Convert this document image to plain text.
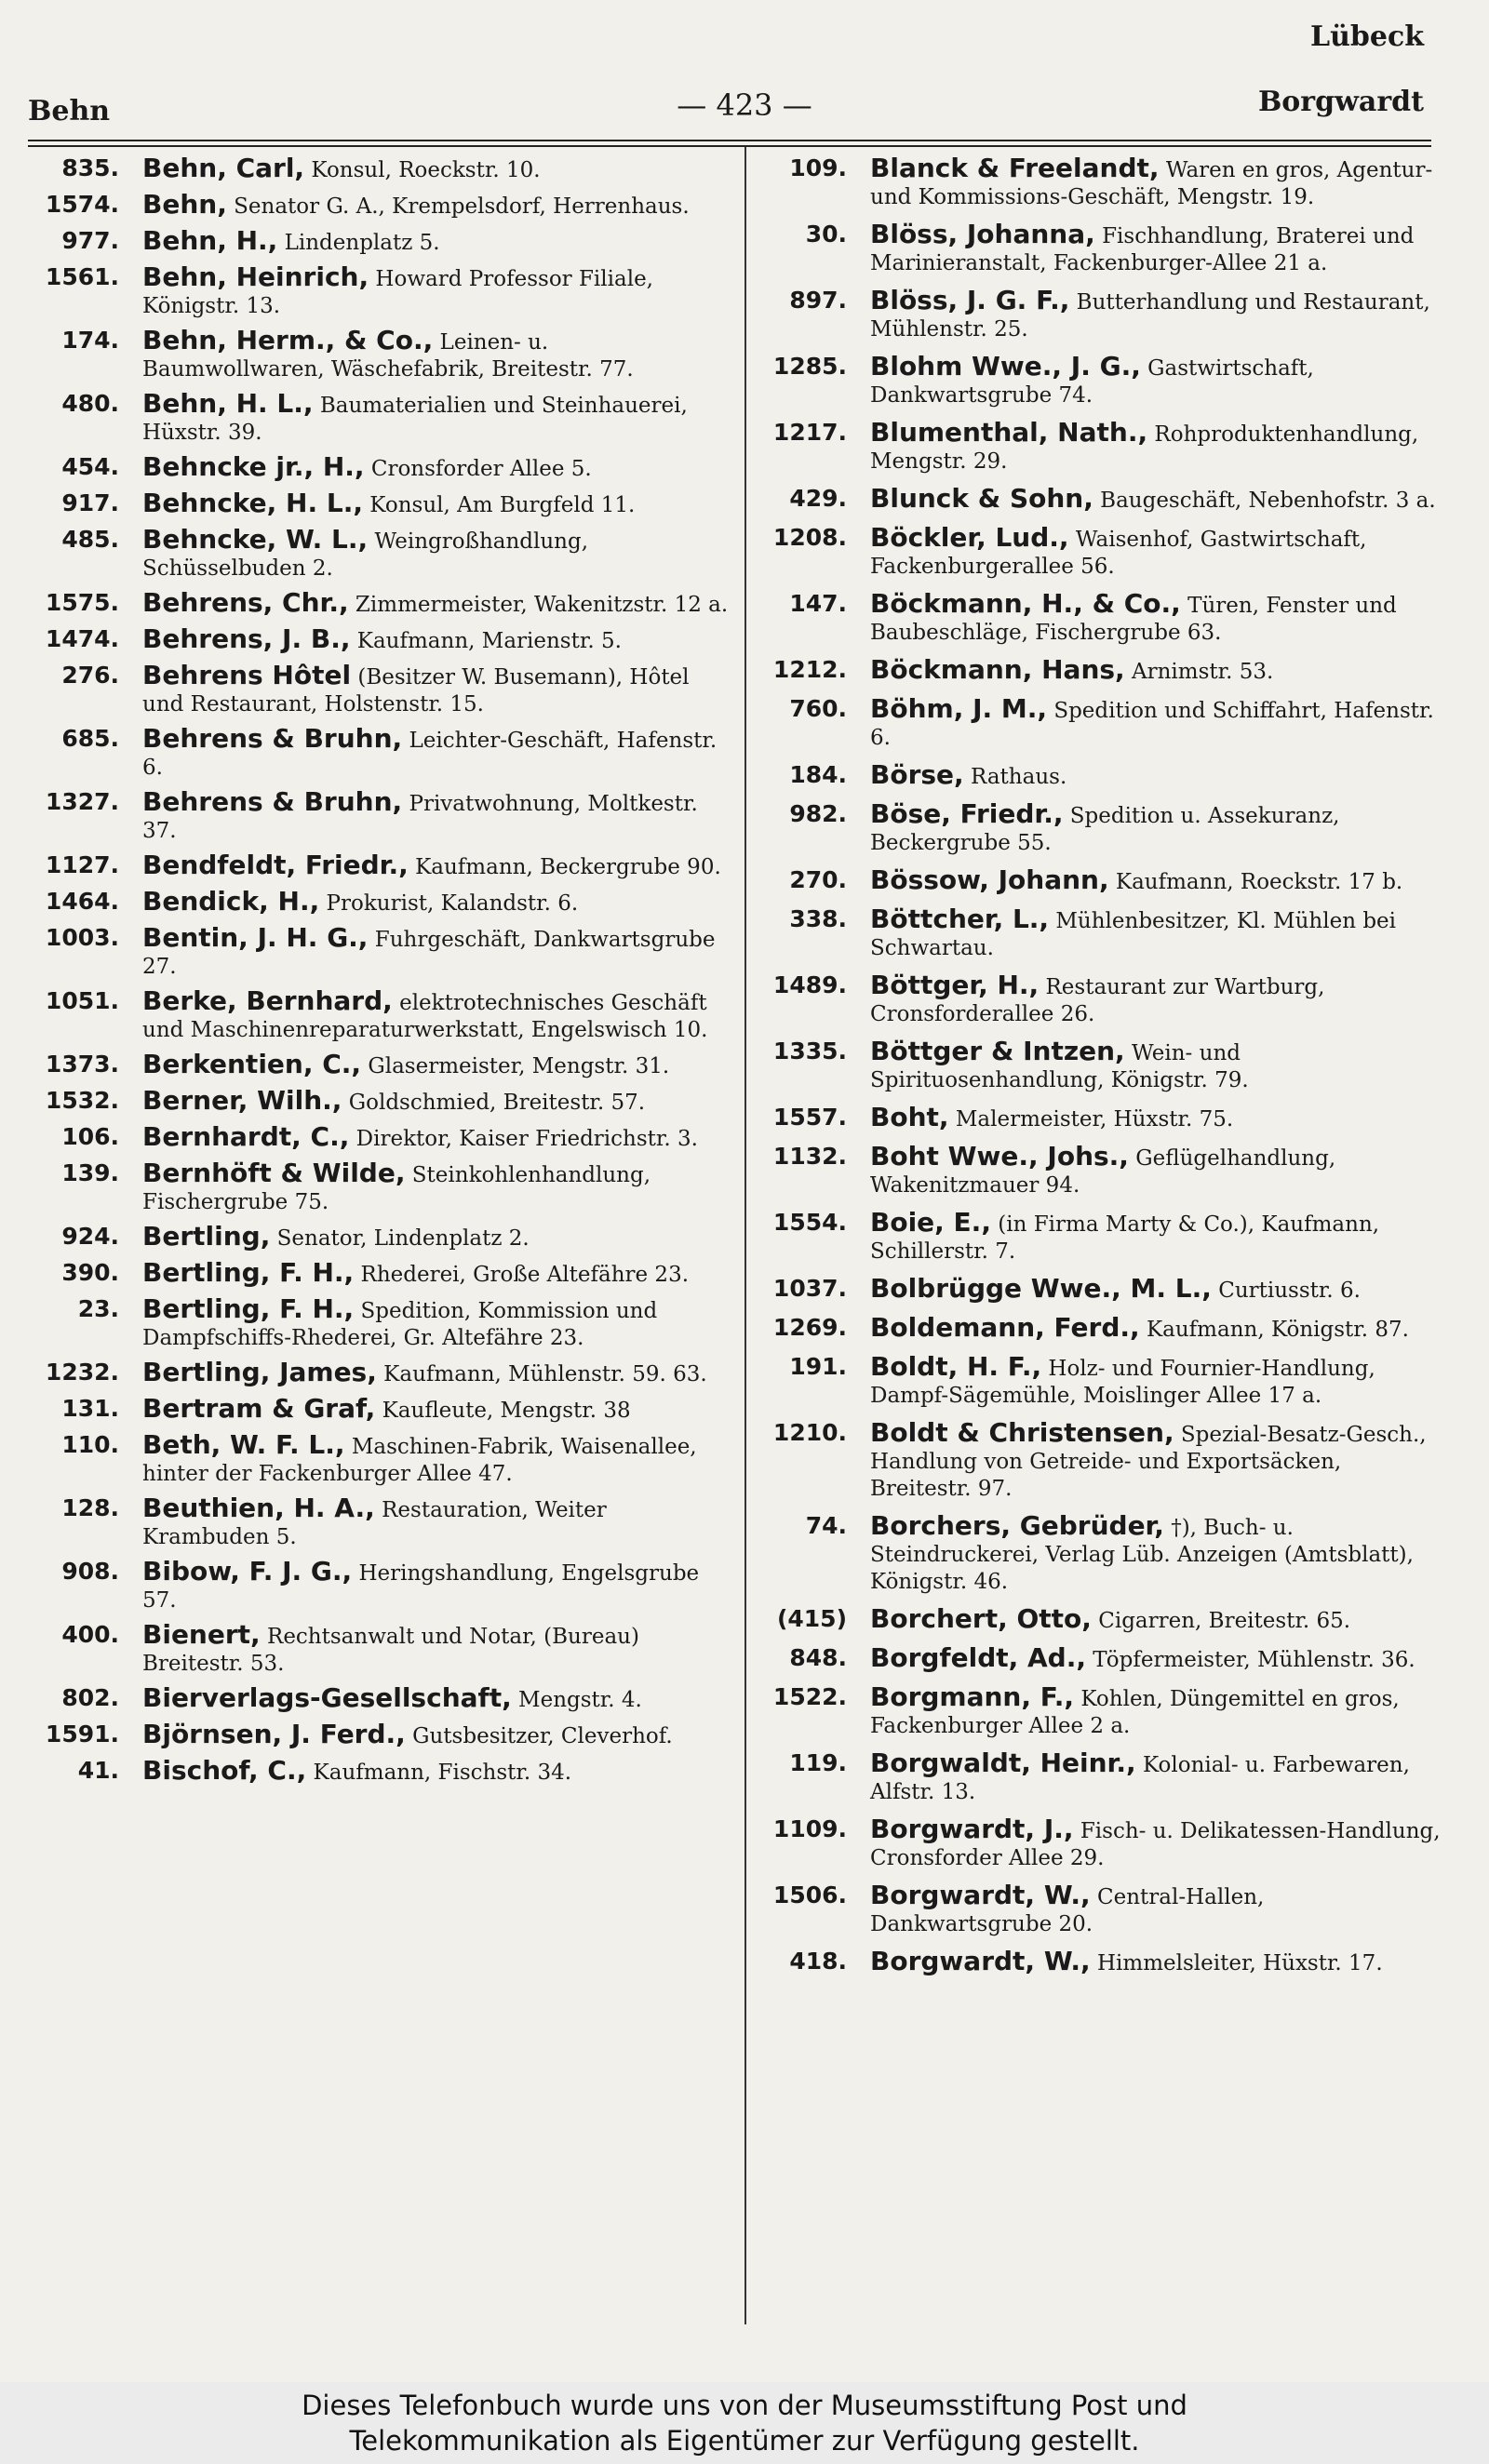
Lübeck
Behn	— 423 —	Borgwardt
835. Behn, Carl, Konsul, Roeckstr. 10.
1574. Behn, Senator G. A., Krempelsdorf, Herrenhaus.
977. Behn, H., Lindenplatz 5.
1561. Behn, Heinrich, Howard Professor Filiale, Königstr. 13.
174. Behn, Herm., & Co., Leinen- u. Baumwollwaren, Wäschefabrik, Breitestr. 77.
480. Behn, H. L., Baumaterialien und Steinhauerei, Hüxstr. 39.
454. Behncke jr., H., Cronsforder Allee 5.
917. Behncke, H. L., Konsul, Am Burgfeld 11.
485. Behncke, W. L., Weingroßhandlung, Schüsselbuden 2.
1575. Behrens, Chr., Zimmermeister, Wakenitzstr. 12 a.
1474. Behrens, J. B., Kaufmann, Marienstr. 5.
276. Behrens Hôtel (Besitzer W. Busemann), Hôtel und Restaurant, Holstenstr. 15.
685. Behrens & Bruhn, Leichter-Geschäft, Hafenstr. 6.
1327. Behrens & Bruhn, Privatwohnung, Moltkestr. 37.
1127. Bendfeldt, Friedr., Kaufmann, Beckergrube 90.
1464. Bendick, H., Prokurist, Kalandstr. 6.
1003. Bentin, J. H. G., Fuhrgeschäft, Dankwartsgrube 27.
1051. Berke, Bernhard, elektrotechnisches Geschäft und Maschinenreparaturwerkstatt, Engelswisch 10.
1373. Berkentien, C., Glasermeister, Mengstr. 31.
1532. Berner, Wilh., Goldschmied, Breitestr. 57.
106. Bernhardt, C., Direktor, Kaiser Friedrichstr. 3.
139. Bernhöft & Wilde, Steinkohlenhandlung, Fischergrube 75.
924. Bertling, Senator, Lindenplatz 2.
390. Bertling, F. H., Rhederei, Große Altefähre 23.
23. Bertling, F. H., Spedition, Kommission und Dampfschiffs-Rhederei, Gr. Altefähre 23.
1232. Bertling, James, Kaufmann, Mühlenstr. 59. 63.
131. Bertram & Graf, Kaufleute, Mengstr. 38
110. Beth, W. F. L., Maschinen-Fabrik, Waisenallee, hinter der Fackenburger Allee 47.
128. Beuthien, H. A., Restauration, Weiter Krambuden 5.
908. Bibow, F. J. G., Heringshandlung, Engelsgrube 57.
400. Bienert, Rechtsanwalt und Notar, (Bureau) Breitestr. 53.
802. Bierverlags-Gesellschaft, Mengstr. 4.
1591. Björnsen, J. Ferd., Gutsbesitzer, Cleverhof.
41. Bischof, C., Kaufmann, Fischstr. 34.
109. Blanck & Freelandt, Waren en gros, Agentur- und Kommissions-Geschäft, Mengstr. 19.
30. Blöss, Johanna, Fischhandlung, Braterei und Marinieranstalt, Fackenburger-Allee 21 a.
897. Blöss, J. G. F., Butterhandlung und Restaurant, Mühlenstr. 25.
1285. Blohm Wwe., J. G., Gastwirtschaft, Dankwartsgrube 74.
1217. Blumenthal, Nath., Rohproduktenhandlung, Mengstr. 29.
429. Blunck & Sohn, Baugeschäft, Nebenhofstr. 3 a.
1208. Böckler, Lud., Waisenhof, Gastwirtschaft, Fackenburgerallee 56.
147. Böckmann, H., & Co., Türen, Fenster und Baubeschläge, Fischergrube 63.
1212. Böckmann, Hans, Arnimstr. 53.
760. Böhm, J. M., Spedition und Schiffahrt, Hafenstr. 6.
184. Börse, Rathaus.
982. Böse, Friedr., Spedition u. Assekuranz, Beckergrube 55.
270. Bössow, Johann, Kaufmann, Roeckstr. 17 b.
338. Böttcher, L., Mühlenbesitzer, Kl. Mühlen bei Schwartau.
1489. Böttger, H., Restaurant zur Wartburg, Cronsforderallee 26.
1335. Böttger & Intzen, Wein- und Spirituosenhandlung, Königstr. 79.
1557. Boht, Malermeister, Hüxstr. 75.
1132. Boht Wwe., Johs., Geflügelhandlung, Wakenitzmauer 94.
1554. Boie, E., (in Firma Marty & Co.), Kaufmann, Schillerstr. 7.
1037. Bolbrügge Wwe., M. L., Curtiusstr. 6.
1269. Boldemann, Ferd., Kaufmann, Königstr. 87.
191. Boldt, H. F., Holz- und Fournier-Handlung, Dampf-Sägemühle, Moislinger Allee 17 a.
1210. Boldt & Christensen, Spezial-Besatz-Gesch., Handlung von Getreide- und Exportsäcken, Breitestr. 97.
74. Borchers, Gebrüder, †), Buch- u. Steindruckerei, Verlag Lüb. Anzeigen (Amtsblatt), Königstr. 46.
(415) Borchert, Otto, Cigarren, Breitestr. 65.
848. Borgfeldt, Ad., Töpfermeister, Mühlenstr. 36.
1522. Borgmann, F., Kohlen, Düngemittel en gros, Fackenburger Allee 2 a.
119. Borgwaldt, Heinr., Kolonial- u. Farbewaren, Alfstr. 13.
1109. Borgwardt, J., Fisch- u. Delikatessen-Handlung, Cronsforder Allee 29.
1506. Borgwardt, W., Central-Hallen, Dankwartsgrube 20.
418. Borgwardt, W., Himmelsleiter, Hüxstr. 17.
Dieses Telefonbuch wurde uns von der Museumsstiftung Post und
Telekommunikation als Eigentümer zur Verfügung gestellt.
